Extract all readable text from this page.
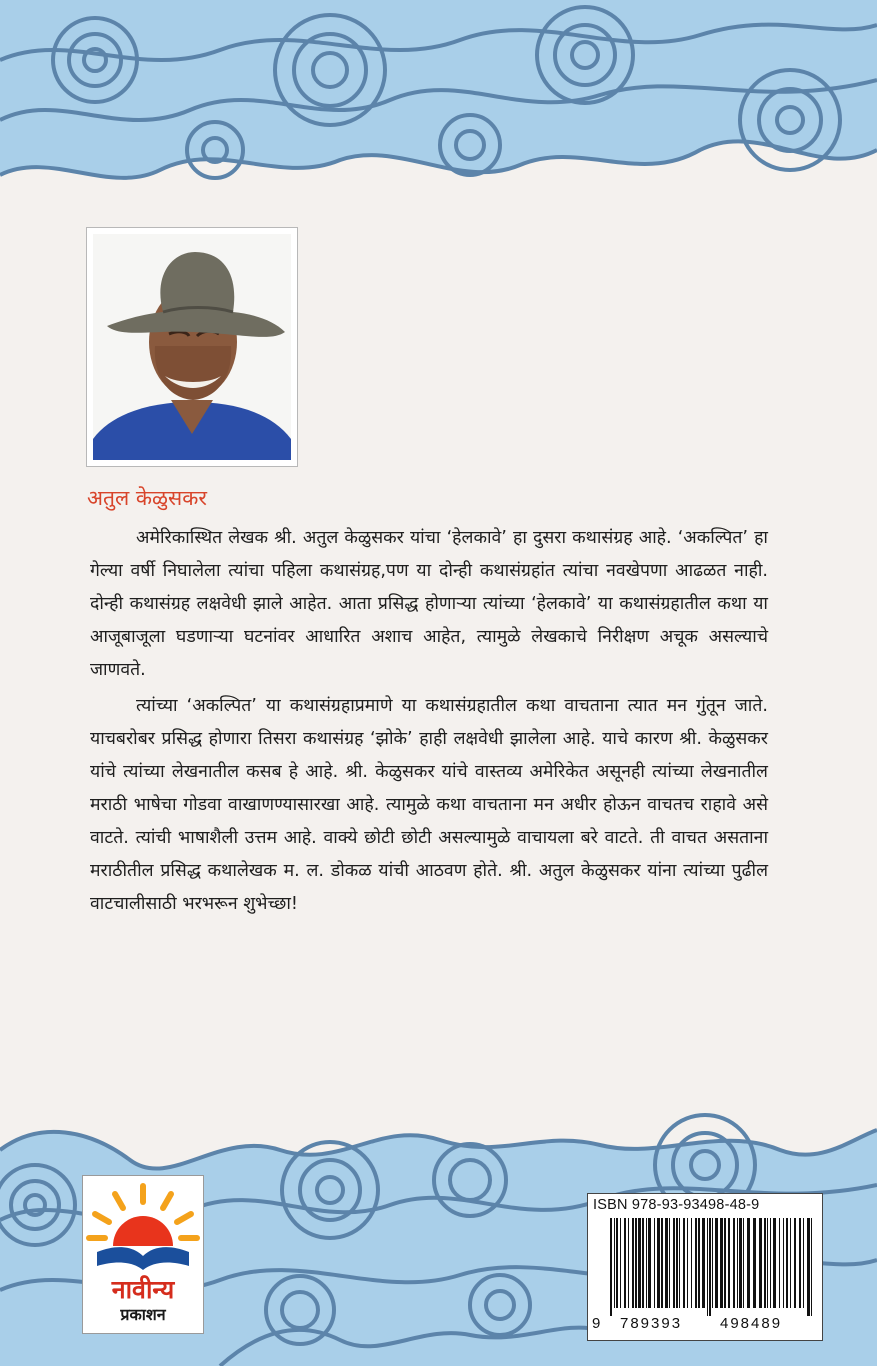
अतुल केळुसकर

अमेरिकास्थित लेखक श्री. अतुल केळुसकर यांचा ‘हेलकावे’ हा दुसरा कथासंग्रह आहे. ‘अकल्पित’ हा गेल्या वर्षी निघालेला त्यांचा पहिला कथासंग्रह,पण या दोन्ही कथासंग्रहांत त्यांचा नवखेपणा आढळत नाही. दोन्ही कथासंग्रह लक्षवेधी झाले आहेत. आता प्रसिद्ध होणाऱ्या त्यांच्या ‘हेलकावे’ या कथासंग्रहातील कथा या आजूबाजूला घडणाऱ्या घटनांवर आधारित अशाच आहेत, त्यामुळे लेखकाचे निरीक्षण अचूक असल्याचे जाणवते.

त्यांच्या ‘अकल्पित’ या कथासंग्रहाप्रमाणे या कथासंग्रहातील कथा वाचताना त्यात मन गुंतून जाते. याचबरोबर प्रसिद्ध होणारा तिसरा कथासंग्रह ‘झोके’ हाही लक्षवेधी झालेला आहे. याचे कारण श्री. केळुसकर यांचे त्यांच्या लेखनातील कसब हे आहे. श्री. केळुसकर यांचे वास्तव्य अमेरिकेत असूनही त्यांच्या लेखनातील मराठी भाषेचा गोडवा वाखाणण्यासारखा आहे. त्यामुळे कथा वाचताना मन अधीर होऊन वाचतच राहावे असे वाटते. त्यांची भाषाशैली उत्तम आहे. वाक्ये छोटी छोटी असल्यामुळे वाचायला बरे वाटते. ती वाचत असताना मराठीतील प्रसिद्ध कथालेखक म. ल. डोकळ यांची आठवण होते. श्री. अतुल केळुसकर यांना त्यांच्या पुढील वाटचालीसाठी भरभरून शुभेच्छा!

नावीन्य
प्रकाशन
ISBN 978-93-93498-48-9
9 789393	498489
